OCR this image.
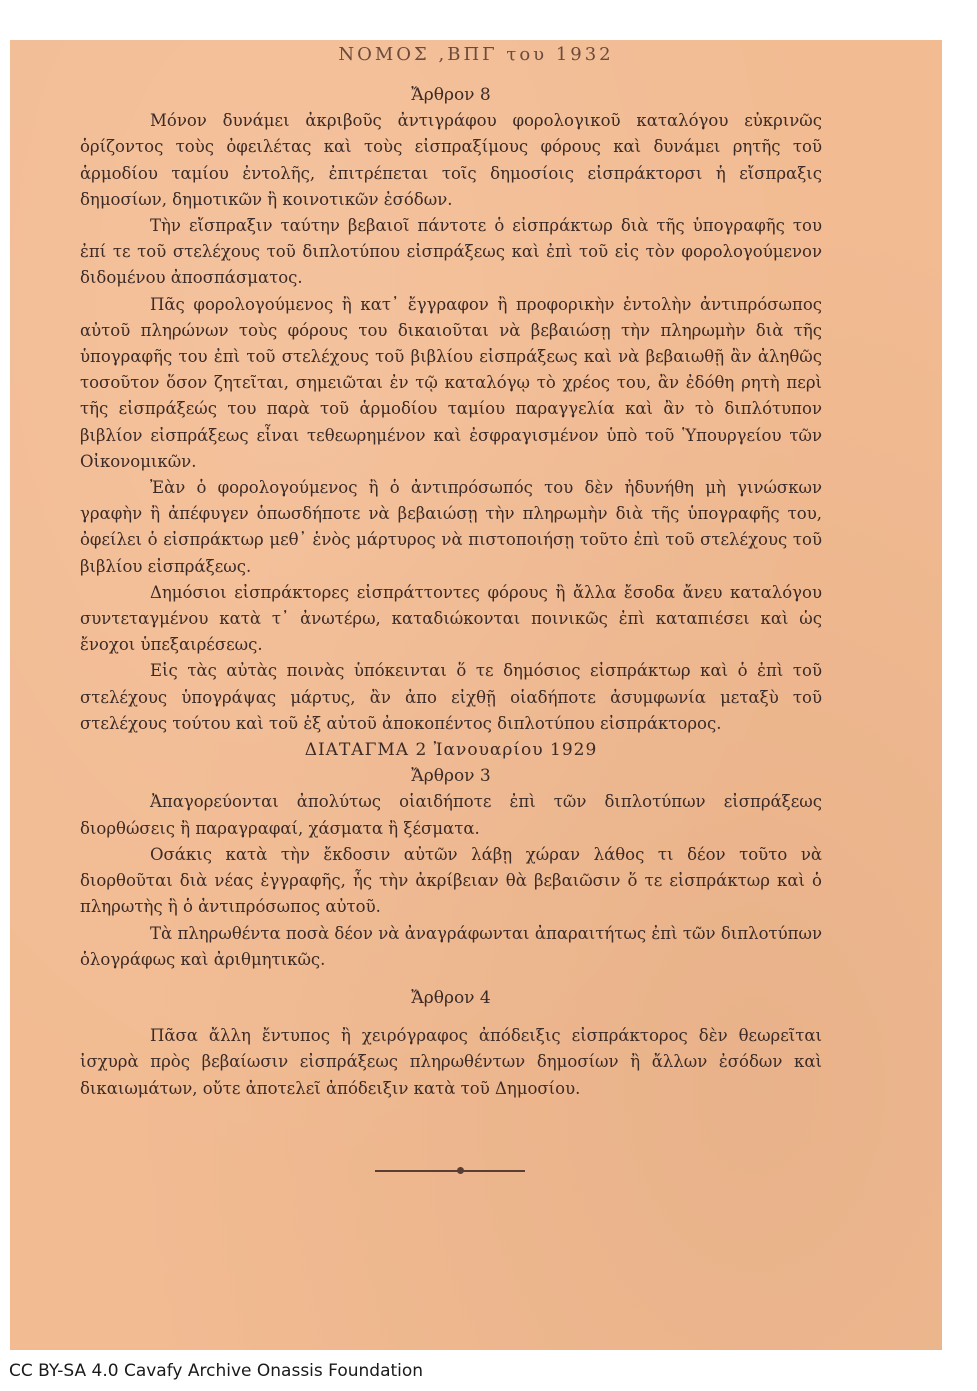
ΝΟΜΟΣ ,ΒΠΓ του 1932

Ἄρθρον 8

Μόνον δυνάμει ἀκριβοῦς ἀντιγράφου φορολογικοῦ καταλόγου εὐκρινῶς ὁρίζοντος τοὺς ὀφειλέτας καὶ τοὺς εἰσπραξίμους φόρους καὶ δυνάμει ρητῆς τοῦ ἁρμοδίου ταμίου ἐντολῆς, ἐπιτρέπεται τοῖς δημοσίοις εἰσπράκτορσι ἡ εἴσπραξις δημοσίων, δημοτικῶν ἢ κοινοτικῶν ἐσόδων.

Τὴν εἴσπραξιν ταύτην βεβαιοῖ πάντοτε ὁ εἰσπράκτωρ διὰ τῆς ὑπογραφῆς του ἐπί τε τοῦ στελέχους τοῦ διπλοτύπου εἰσπράξεως καὶ ἐπὶ τοῦ εἰς τὸν φορολογούμενον διδομένου ἀποσπάσματος.

Πᾶς φορολογούμενος ἢ κατ᾽ ἔγγραφον ἢ προφορικὴν ἐντολὴν ἀντιπρόσωπος αὐτοῦ πληρώνων τοὺς φόρους του δικαιοῦται νὰ βεβαιώσῃ τὴν πληρωμὴν διὰ τῆς ὑπογραφῆς του ἐπὶ τοῦ στελέχους τοῦ βιβλίου εἰσπράξεως καὶ νὰ βεβαιωθῇ ἂν ἀληθῶς τοσοῦτον ὅσον ζητεῖται, σημειῶται ἐν τῷ καταλόγῳ τὸ χρέος του, ἂν ἐδόθη ρητὴ περὶ τῆς εἰσπράξεώς του παρὰ τοῦ ἁρμοδίου ταμίου παραγγελία καὶ ἂν τὸ διπλότυπον βιβλίον εἰσπράξεως εἶναι τεθεωρημένον καὶ ἐσφραγισμένον ὑπὸ τοῦ Ὑπουργείου τῶν Οἰκονομικῶν.

Ἐὰν ὁ φορολογούμενος ἢ ὁ ἀντιπρόσωπός του δὲν ἠδυνήθη μὴ γινώσκων γραφὴν ἢ ἀπέφυγεν ὁπωσδήποτε νὰ βεβαιώσῃ τὴν πληρωμὴν διὰ τῆς ὑπογραφῆς του, ὀφείλει ὁ εἰσπράκτωρ μεθ᾽ ἑνὸς μάρτυρος νὰ πιστοποιήσῃ τοῦτο ἐπὶ τοῦ στελέχους τοῦ βιβλίου εἰσπράξεως.

Δημόσιοι εἰσπράκτορες εἰσπράττοντες φόρους ἢ ἄλλα ἔσοδα ἄνευ καταλόγου συντεταγμένου κατὰ τ᾽ ἀνωτέρω, καταδιώκονται ποινικῶς ἐπὶ καταπιέσει καὶ ὡς ἔνοχοι ὑπεξαιρέσεως.

Εἰς τὰς αὐτὰς ποινὰς ὑπόκεινται ὅ τε δημόσιος εἰσπράκτωρ καὶ ὁ ἐπὶ τοῦ στελέχους ὑπογράψας μάρτυς, ἂν ἀπο εἰχθῇ οἱαδήποτε ἀσυμφωνία μεταξὺ τοῦ στελέχους τούτου καὶ τοῦ ἐξ αὐτοῦ ἀποκοπέντος διπλοτύπου εἰσπράκτορος.

ΔΙΑΤΑΓΜΑ 2 Ἰανουαρίου 1929

Ἄρθρον 3

Ἀπαγορεύονται ἀπολύτως οἱαιδήποτε ἐπὶ τῶν διπλοτύπων εἰσπράξεως διορθώσεις ἢ παραγραφαί, χάσματα ἢ ξέσματα.

Οσάκις κατὰ τὴν ἔκδοσιν αὐτῶν λάβῃ χώραν λάθος τι δέον τοῦτο νὰ διορθοῦται διὰ νέας ἐγγραφῆς, ἧς τὴν ἀκρίβειαν θὰ βεβαιῶσιν ὅ τε εἰσπράκτωρ καὶ ὁ πληρωτὴς ἢ ὁ ἀντιπρόσωπος αὐτοῦ.

Τὰ πληρωθέντα ποσὰ δέον νὰ ἀναγράφωνται ἀπαραιτήτως ἐπὶ τῶν διπλοτύπων ὁλογράφως καὶ ἀριθμητικῶς.

Ἄρθρον 4

Πᾶσα ἄλλη ἔντυπος ἢ χειρόγραφος ἀπόδειξις εἰσπράκτορος δὲν θεωρεῖται ἰσχυρὰ πρὸς βεβαίωσιν εἰσπράξεως πληρωθέντων δημοσίων ἢ ἄλλων ἐσόδων καὶ δικαιωμάτων, οὔτε ἀποτελεῖ ἀπόδειξιν κατὰ τοῦ Δημοσίου.

CC BY-SA 4.0 Cavafy Archive Onassis Foundation
